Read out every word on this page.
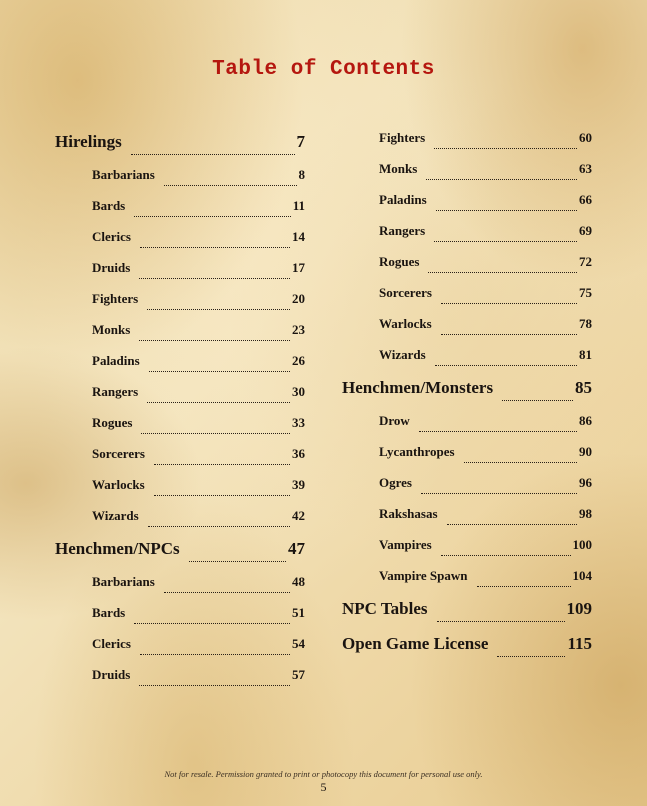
Table of Contents
Hirelings	7
Barbarians	8
Bards	11
Clerics	14
Druids	17
Fighters	20
Monks	23
Paladins	26
Rangers	30
Rogues	33
Sorcerers	36
Warlocks	39
Wizards	42
Henchmen/NPCs	47
Barbarians	48
Bards	51
Clerics	54
Druids	57
Fighters	60
Monks	63
Paladins	66
Rangers	69
Rogues	72
Sorcerers	75
Warlocks	78
Wizards	81
Henchmen/Monsters	85
Drow	86
Lycanthropes	90
Ogres	96
Rakshasas	98
Vampires	100
Vampire Spawn	104
NPC Tables	109
Open Game License	115
Not for resale. Permission granted to print or photocopy this document for personal use only.
5
